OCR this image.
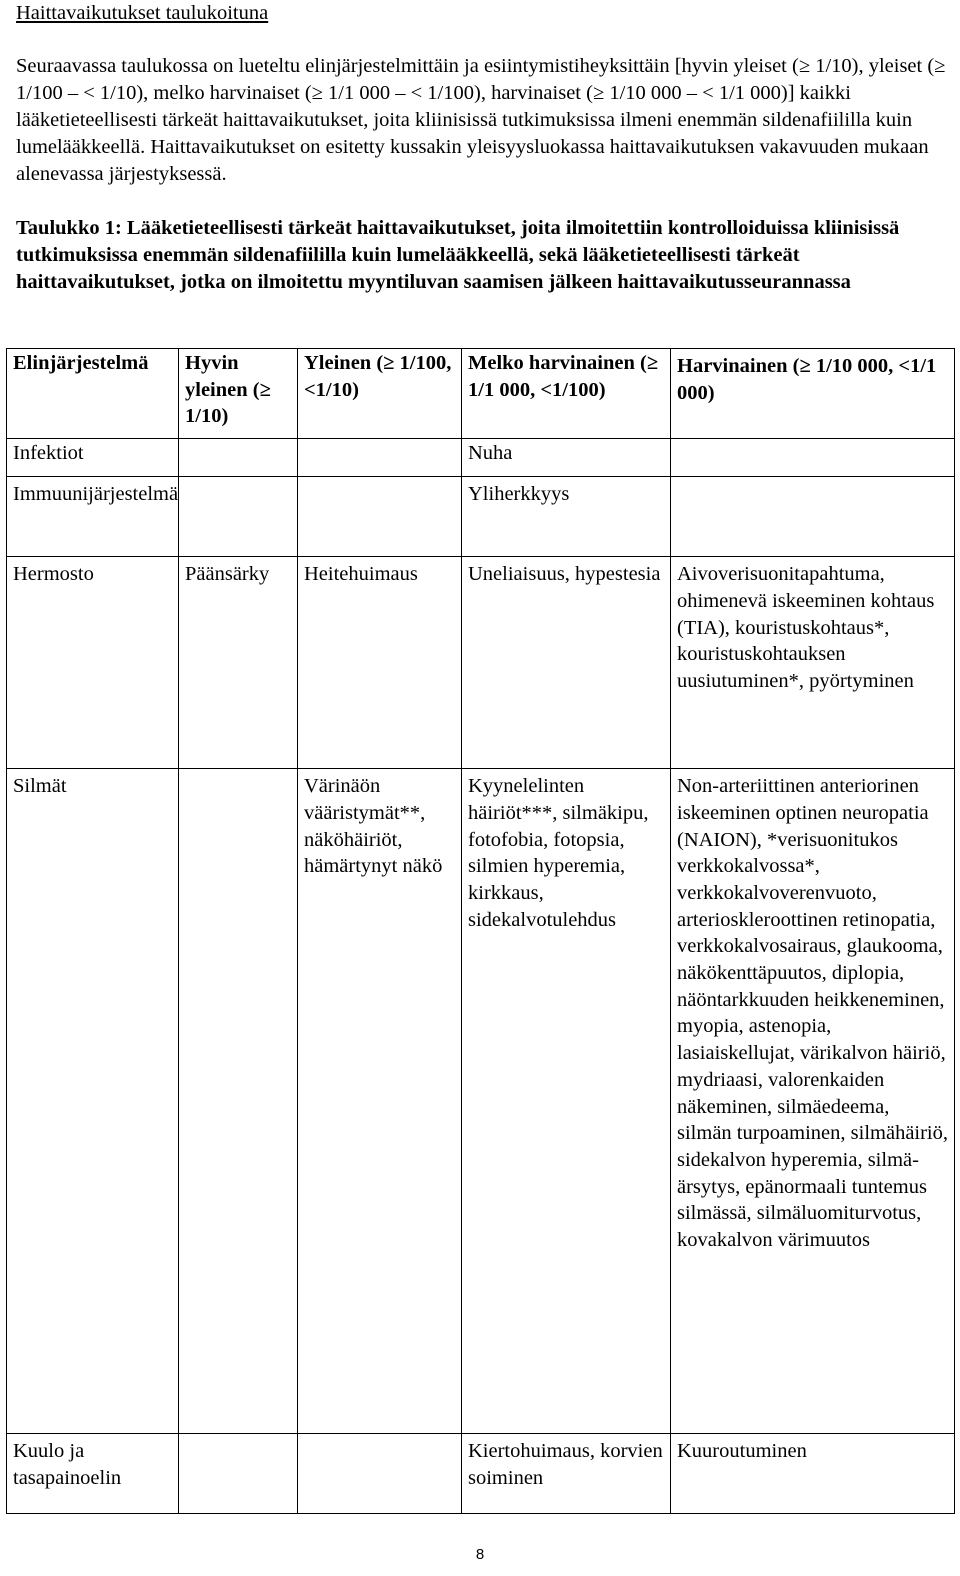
Haittavaikutukset taulukoituna

Seuraavassa taulukossa on lueteltu elinjärjestelmittäin ja esiintymistiheyksittäin [hyvin yleiset (≥ 1/10), yleiset (≥ 1/100 – < 1/10), melko harvinaiset (≥ 1/1 000 – < 1/100), harvinaiset (≥ 1/10 000 – < 1/1 000)] kaikki lääketieteellisesti tärkeät haittavaikutukset, joita kliinisissä tutkimuksissa ilmeni enemmän sildenafiililla kuin lumelääkkeellä. Haittavaikutukset on esitetty kussakin yleisyysluokassa haittavaikutuksen vakavuuden mukaan alenevassa järjestyksessä.

Taulukko 1: Lääketieteellisesti tärkeät haittavaikutukset, joita ilmoitettiin kontrolloiduissa kliinisissä tutkimuksissa enemmän sildenafiililla kuin lumelääkkeellä, sekä lääketieteellisesti tärkeät haittavaikutukset, jotka on ilmoitettu myyntiluvan saamisen jälkeen haittavaikutusseurannassa

Elinjärjestelmä	Hyvin yleinen (≥ 1/10)	Yleinen (≥ 1/100, <1/10)	Melko harvinainen (≥ 1/1 000, <1/100)	Harvinainen (≥ 1/10 000, <1/1 000)
Infektiot			Nuha	
Immuunijärjestelmä			Yliherkkyys	
Hermosto	Päänsärky	Heitehuimaus	Uneliaisuus, hypestesia	Aivoverisuonitapahtuma, ohimenevä iskeeminen kohtaus (TIA), kouristuskohtaus*, kouristuskohtauksen uusiutuminen*, pyörtyminen
Silmät		Värinäön vääristymät**, näköhäiriöt, hämärtynyt näkö	Kyynelelinten häiriöt***, silmäkipu, fotofobia, fotopsia, silmien hyperemia, kirkkaus, sidekalvotulehdus	Non-arteriittinen anteriorinen iskeeminen optinen neuropatia (NAION), *verisuonitukos verkkokalvossa*, verkkokalvoverenvuoto, arterioskleroottinen retinopatia, verkkokalvosairaus, glaukooma, näkökenttäpuutos, diplopia, näöntarkkuuden heikkeneminen, myopia, astenopia, lasiaiskellujat, värikalvon häiriö, mydriaasi, valorenkaiden näkeminen, silmäedeema, silmän turpoaminen, silmähäiriö, sidekalvon hyperemia, silmä-ärsytys, epänormaali tuntemus silmässä, silmäluomiturvotus, kovakalvon värimuutos
Kuulo ja tasapainoelin			Kiertohuimaus, korvien soiminen	Kuuroutuminen
8
